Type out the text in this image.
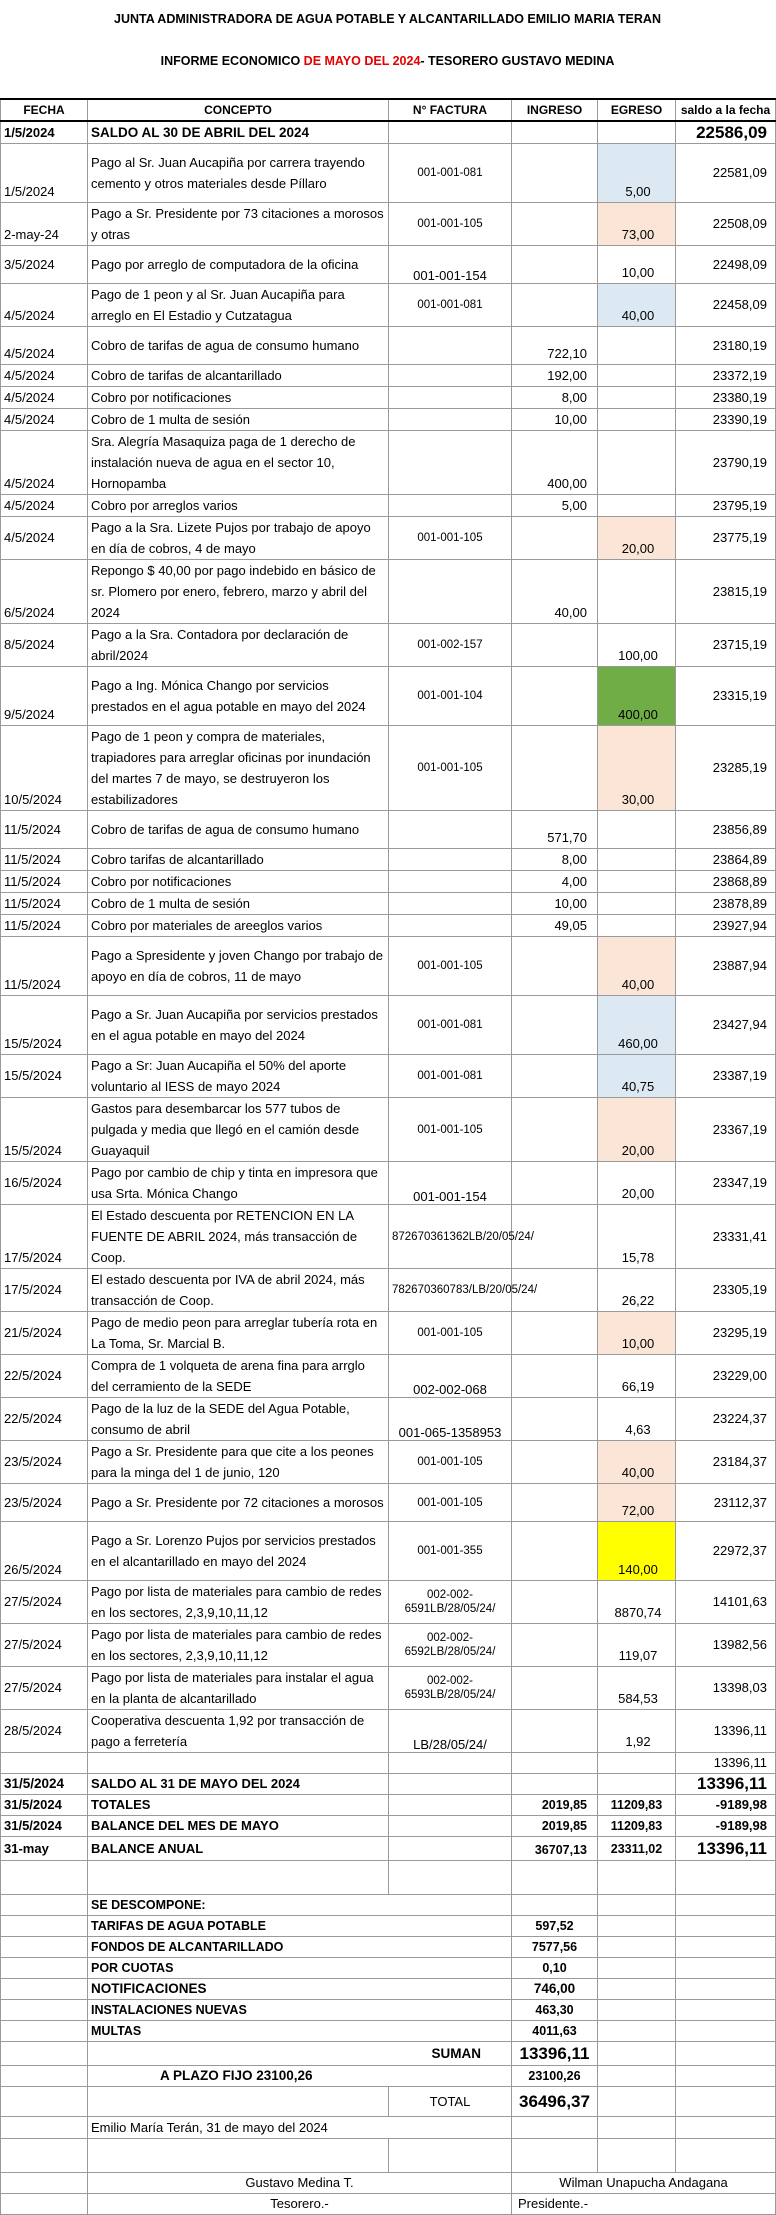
JUNTA ADMINISTRADORA DE AGUA POTABLE Y ALCANTARILLADO EMILIO MARIA TERAN
INFORME ECONOMICO DE MAYO DEL 2024- TESORERO GUSTAVO MEDINA
FECHA	CONCEPTO	N° FACTURA	INGRESO	EGRESO	saldo a la fecha
1/5/2024	SALDO AL 30 DE ABRIL DEL 2024				22586,09
1/5/2024	Pago al Sr. Juan Aucapiña por carrera trayendo cemento y otros materiales desde Píllaro	001-001-081		5,00	22581,09
2-may-24	Pago a Sr. Presidente por 73 citaciones a morosos y otras	001-001-105		73,00	22508,09
3/5/2024	Pago por arreglo de computadora de la oficina	001-001-154		10,00	22498,09
4/5/2024	Pago de 1 peon y al Sr. Juan Aucapiña para arreglo en El Estadio y Cutzatagua	001-001-081		40,00	22458,09
4/5/2024	Cobro de tarifas de agua de consumo humano		722,10		23180,19
4/5/2024	Cobro de tarifas de alcantarillado		192,00		23372,19
4/5/2024	Cobro por notificaciones		8,00		23380,19
4/5/2024	Cobro de 1 multa de sesión		10,00		23390,19
4/5/2024	Sra. Alegría Masaquiza paga de 1 derecho de instalación nueva de agua en el sector 10, Hornopamba		400,00		23790,19
4/5/2024	Cobro por arreglos varios		5,00		23795,19
4/5/2024	Pago a la Sra. Lizete Pujos por trabajo de apoyo en día de cobros, 4 de mayo	001-001-105		20,00	23775,19
6/5/2024	Repongo $ 40,00 por pago indebido en básico de sr. Plomero por enero, febrero, marzo y abril del 2024		40,00		23815,19
8/5/2024	Pago a la Sra. Contadora por declaración de abril/2024	001-002-157		100,00	23715,19
9/5/2024	Pago a Ing. Mónica Chango por servicios prestados en el agua potable en mayo del 2024	001-001-104		400,00	23315,19
10/5/2024	Pago de 1 peon y compra de materiales, trapiadores para arreglar oficinas por inundación del martes 7 de mayo, se destruyeron los estabilizadores	001-001-105		30,00	23285,19
11/5/2024	Cobro de tarifas de agua de consumo humano		571,70		23856,89
11/5/2024	Cobro tarifas de alcantarillado		8,00		23864,89
11/5/2024	Cobro por notificaciones		4,00		23868,89
11/5/2024	Cobro de 1 multa de sesión		10,00		23878,89
11/5/2024	Cobro por materiales de areeglos varios		49,05		23927,94
11/5/2024	Pago a Spresidente y joven Chango por trabajo de apoyo en día de cobros, 11 de mayo	001-001-105		40,00	23887,94
15/5/2024	Pago a Sr. Juan Aucapiña por servicios prestados en el agua potable en mayo del 2024	001-001-081		460,00	23427,94
15/5/2024	Pago a Sr: Juan Aucapiña el 50% del aporte voluntario al IESS de mayo 2024	001-001-081		40,75	23387,19
15/5/2024	Gastos para desembarcar los 577 tubos de pulgada y media que llegó en el camión desde Guayaquil	001-001-105		20,00	23367,19
16/5/2024	Pago por cambio de chip y tinta en impresora que usa Srta. Mónica Chango	001-001-154		20,00	23347,19
17/5/2024	El Estado descuenta por RETENCION EN LA FUENTE DE ABRIL 2024, más transacción de Coop.	872670361362LB/20/05/24/		15,78	23331,41
17/5/2024	El estado descuenta por IVA de abril 2024, más transacción de Coop.	782670360783/LB/20/05/24/		26,22	23305,19
21/5/2024	Pago de medio peon para arreglar tubería rota en La Toma, Sr. Marcial B.	001-001-105		10,00	23295,19
22/5/2024	Compra de 1 volqueta de arena fina para arrglo del cerramiento de la SEDE	002-002-068		66,19	23229,00
22/5/2024	Pago de la luz de la SEDE del Agua Potable, consumo de abril	001-065-1358953		4,63	23224,37
23/5/2024	Pago a Sr. Presidente para que cite a los peones para la minga del 1 de junio, 120	001-001-105		40,00	23184,37
23/5/2024	Pago a Sr. Presidente por 72 citaciones a morosos	001-001-105		72,00	23112,37
26/5/2024	Pago a Sr. Lorenzo Pujos por servicios prestados en el alcantarillado en mayo del 2024	001-001-355		140,00	22972,37
27/5/2024	Pago por lista de materiales para cambio de redes en los sectores, 2,3,9,10,11,12	002-002-6591LB/28/05/24/		8870,74	14101,63
27/5/2024	Pago por lista de materiales para cambio de redes en los sectores, 2,3,9,10,11,12	002-002-6592LB/28/05/24/		119,07	13982,56
27/5/2024	Pago por lista de materiales para instalar el agua en la planta de alcantarillado	002-002-6593LB/28/05/24/		584,53	13398,03
28/5/2024	Cooperativa descuenta 1,92 por transacción de pago a ferretería	LB/28/05/24/		1,92	13396,11
					13396,11
31/5/2024	SALDO AL 31 DE MAYO DEL 2024				13396,11
31/5/2024	TOTALES		2019,85	11209,83	-9189,98
31/5/2024	BALANCE DEL MES DE MAYO		2019,85	11209,83	-9189,98
31-may	BALANCE ANUAL		36707,13	23311,02	13396,11

	SE DESCOMPONE:				
	TARIFAS DE AGUA POTABLE		597,52		
	FONDOS DE ALCANTARILLADO		7577,56		
	POR CUOTAS		0,10		
	NOTIFICACIONES		746,00		
	INSTALACIONES NUEVAS		463,30		
	MULTAS		4011,63		
	SUMAN		13396,11		
	A PLAZO FIJO 23100,26		23100,26		
		TOTAL	36496,37		
	Emilio María Terán, 31 de mayo del 2024				

	Gustavo Medina T.		Wilman Unapucha Andagana		
	Tesorero.-		Presidente.-		
